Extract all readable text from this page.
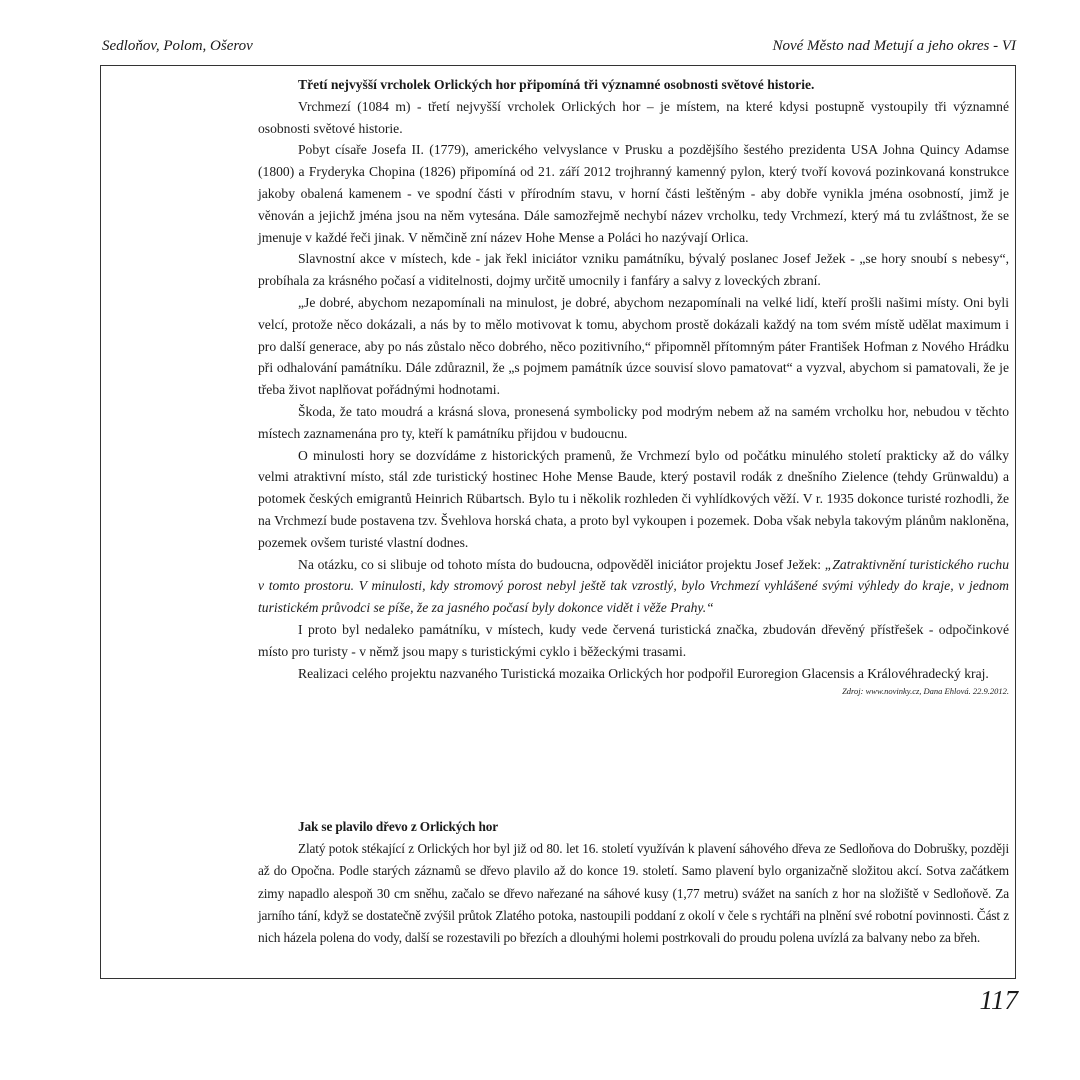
Sedloňov, Polom, Ošerov	Nové Město nad Metují a jeho okres - VI

Třetí nejvyšší vrcholek Orlických hor připomíná tři významné osobnosti světové historie.

Vrchmezí (1084 m) - třetí nejvyšší vrcholek Orlických hor – je místem, na které kdysi postupně vystoupily tři významné osobnosti světové historie.

Pobyt císaře Josefa II. (1779), amerického velvyslance v Prusku a pozdějšího šestého prezidenta USA Johna Quincy Adamse (1800) a Fryderyka Chopina (1826) připomíná od 21. září 2012 trojhranný kamenný pylon, který tvoří kovová pozinkovaná konstrukce jakoby obalená kamenem - ve spodní části v přírodním stavu, v horní části leštěným - aby dobře vynikla jména osobností, jimž je věnován a jejichž jména jsou na něm vytesána. Dále samozřejmě nechybí název vrcholku, tedy Vrchmezí, který má tu zvláštnost, že se jmenuje v každé řeči jinak. V němčině zní název Hohe Mense a Poláci ho nazývají Orlica.

Slavnostní akce v místech, kde - jak řekl iniciátor vzniku památníku, bývalý poslanec Josef Ježek - „se hory snoubí s nebesy“, probíhala za krásného počasí a viditelnosti, dojmy určitě umocnily i fanfáry a salvy z loveckých zbraní.

„Je dobré, abychom nezapomínali na minulost, je dobré, abychom nezapomínali na velké lidí, kteří prošli našimi místy. Oni byli velcí, protože něco dokázali, a nás by to mělo motivovat k tomu, abychom prostě dokázali každý na tom svém místě udělat maximum i pro další generace, aby po nás zůstalo něco dobrého, něco pozitivního,“ připomněl přítomným páter František Hofman z Nového Hrádku při odhalování památníku. Dále zdůraznil, že „s pojmem památník úzce souvisí slovo pamatovat“ a vyzval, abychom si pamatovali, že je třeba život naplňovat pořádnými hodnotami.

Škoda, že tato moudrá a krásná slova, pronesená symbolicky pod modrým nebem až na samém vrcholku hor, nebudou v těchto místech zaznamenána pro ty, kteří k památníku přijdou v budoucnu.

O minulosti hory se dozvídáme z historických pramenů, že Vrchmezí bylo od počátku minulého století prakticky až do války velmi atraktivní místo, stál zde turistický hostinec Hohe Mense Baude, který postavil rodák z dnešního Zielence (tehdy Grünwaldu) a potomek českých emigrantů Heinrich Rübartsch. Bylo tu i několik rozhleden či vyhlídkových věží. V r. 1935 dokonce turisté rozhodli, že na Vrchmezí bude postavena tzv. Švehlova horská chata, a proto byl vykoupen i pozemek. Doba však nebyla takovým plánům nakloněna, pozemek ovšem turisté vlastní dodnes.

Na otázku, co si slibuje od tohoto místa do budoucna, odpověděl iniciátor projektu Josef Ježek: „Zatraktivnění turistického ruchu v tomto prostoru. V minulosti, kdy stromový porost nebyl ještě tak vzrostlý, bylo Vrchmezí vyhlášené svými výhledy do kraje, v jednom turistickém průvodci se píše, že za jasného počasí byly dokonce vidět i věže Prahy.“

I proto byl nedaleko památníku, v místech, kudy vede červená turistická značka, zbudován dřevěný přístřešek - odpočinkové místo pro turisty - v němž jsou mapy s turistickými cyklo i běžeckými trasami.

Realizaci celého projektu nazvaného Turistická mozaika Orlických hor podpořil Euroregion Glacensis a Královéhradecký kraj.

Zdroj: www.novinky.cz, Dana Ehlová. 22.9.2012.

Jak se plavilo dřevo z Orlických hor

Zlatý potok stékající z Orlických hor byl již od 80. let 16. století využíván k plavení sáhového dřeva ze Sedloňova do Dobrušky, později až do Opočna. Podle starých záznamů se dřevo plavilo až do konce 19. století. Samo plavení bylo organizačně složitou akcí. Sotva začátkem zimy napadlo alespoň 30 cm sněhu, začalo se dřevo nařezané na sáhové kusy (1,77 metru) svážet na saních z hor na složiště v Sedloňově. Za jarního tání, když se dostatečně zvýšil průtok Zlatého potoka, nastoupili poddaní z okolí v čele s rychtáři na plnění své robotní povinnosti. Část z nich házela polena do vody, další se rozestavili po březích a dlouhými holemi postrkovali do proudu polena uvízlá za balvany nebo za břeh.

117
